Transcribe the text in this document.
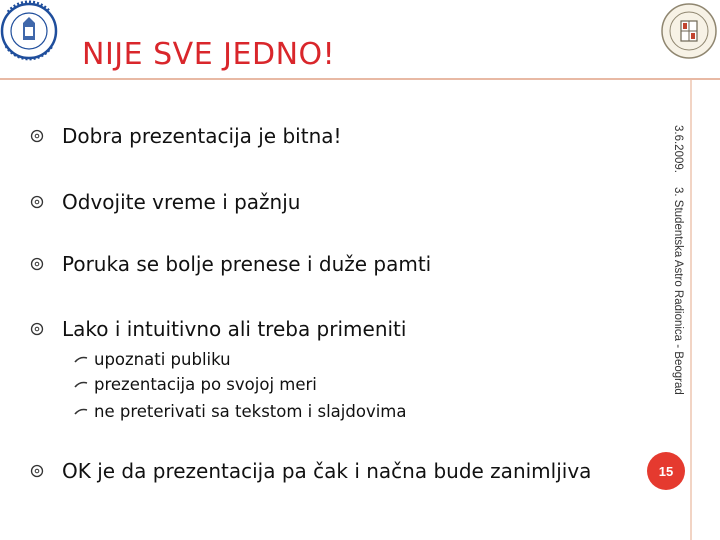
NIJE SVE JEDNO!
Dobra prezentacija je bitna!
Odvojite vreme i pažnju
Poruka se bolje prenese i duže pamti
Lako i intuitivno ali treba primeniti
upoznati publiku
prezentacija po svojoj meri
ne preterivati sa tekstom i slajdovima
OK je da prezentacija pa čak i načna bude zanimljiva
3.6.2009.
3. Studentska Astro Radionica - Beograd
15
